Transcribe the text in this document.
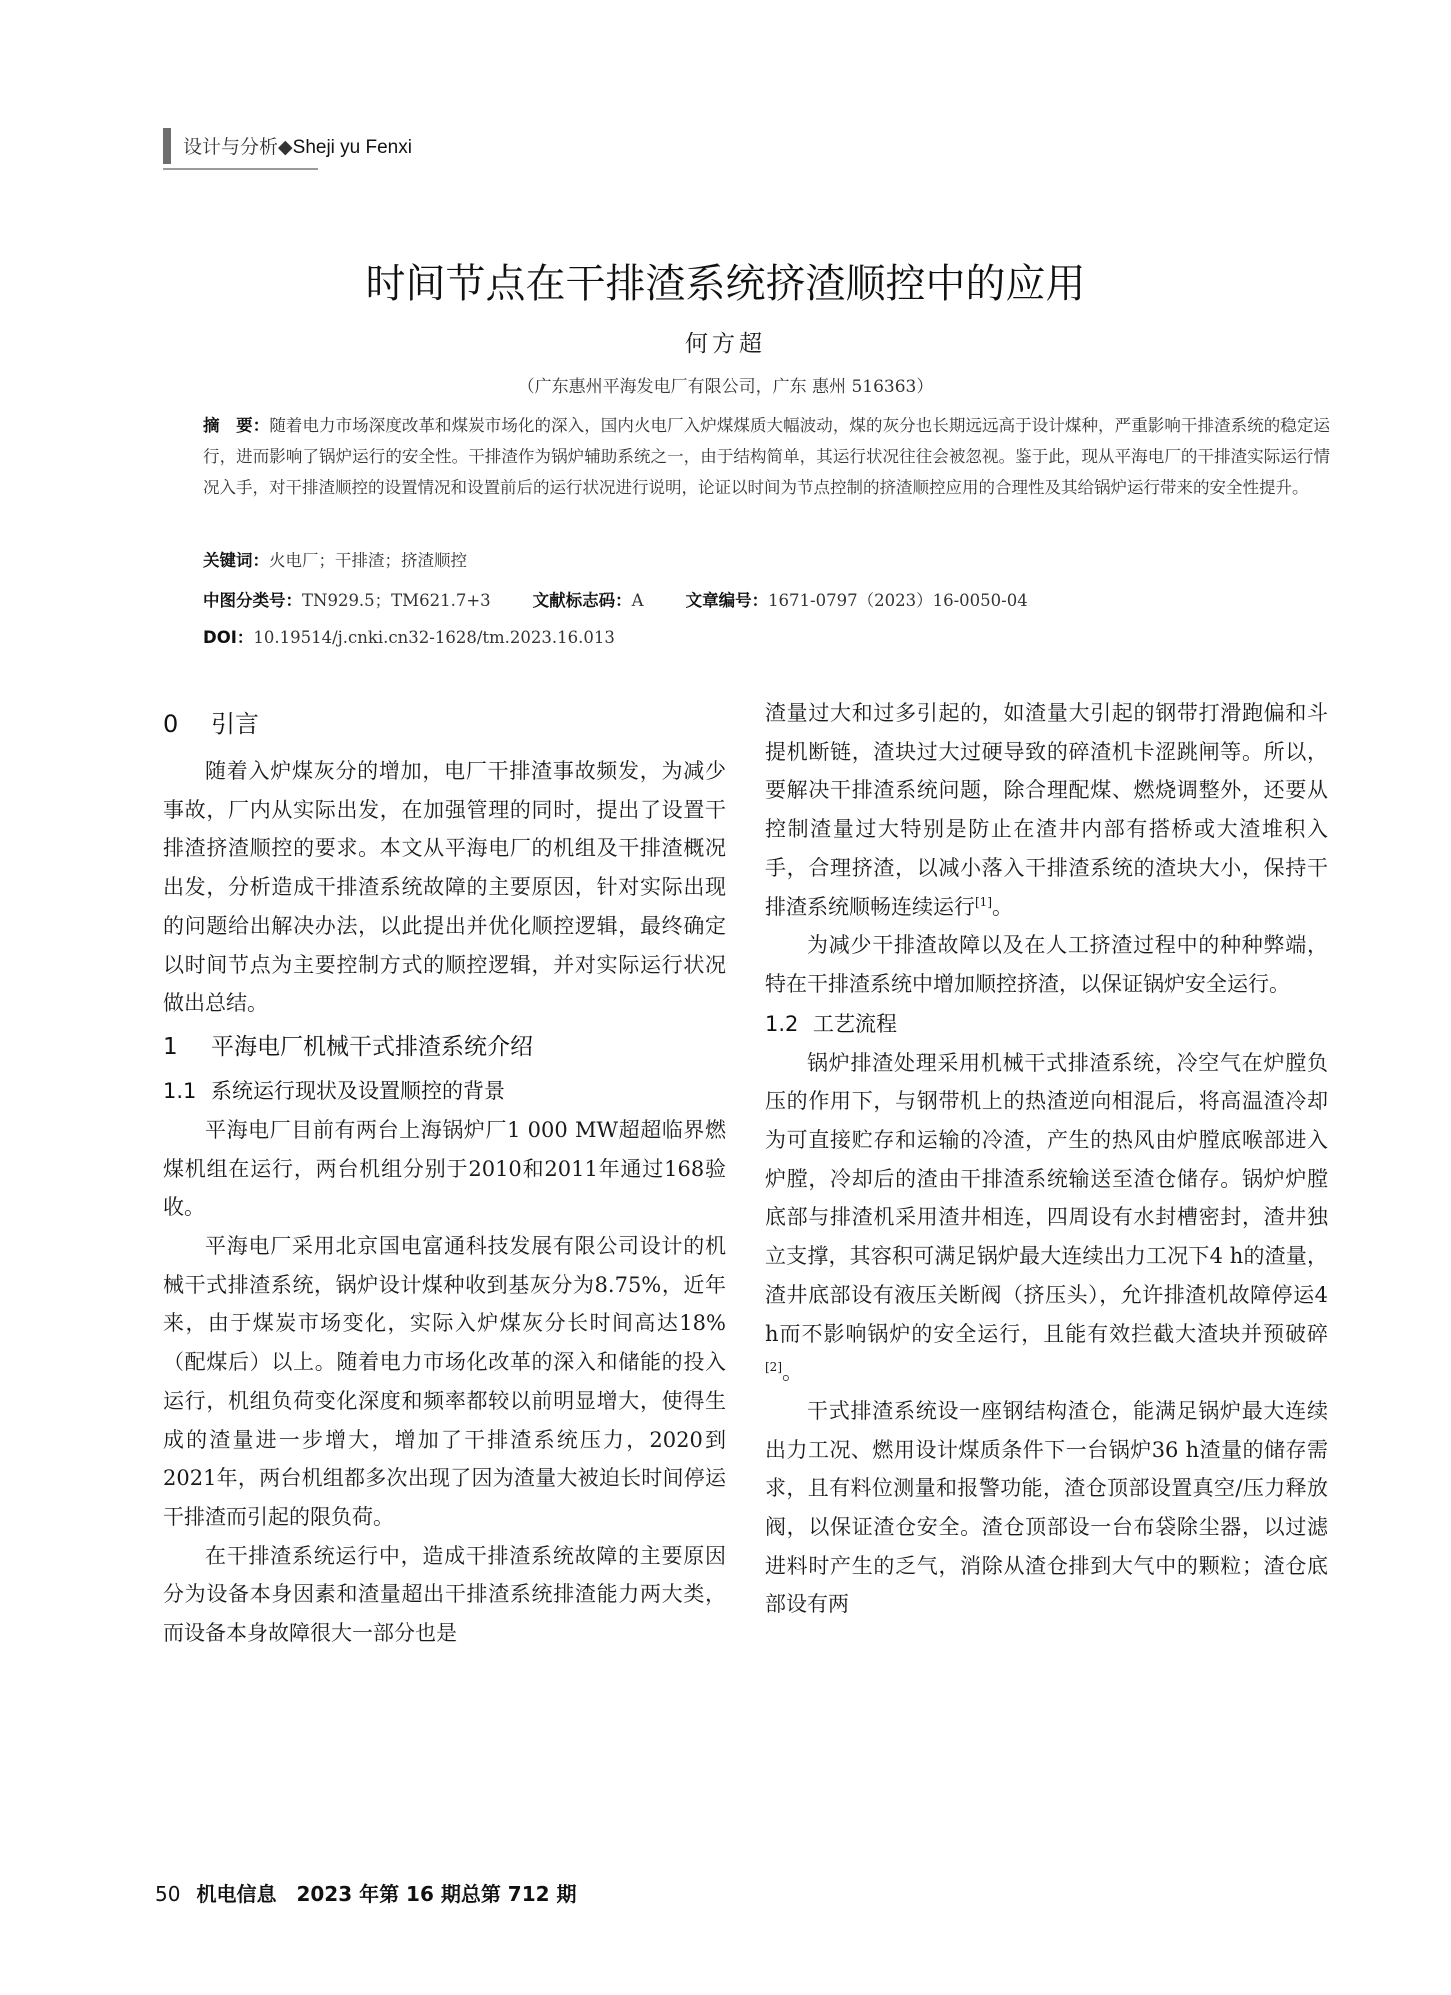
设计与分析◆Sheji yu Fenxi
时间节点在干排渣系统挤渣顺控中的应用
何方超
（广东惠州平海发电厂有限公司，广东 惠州 516363）
摘　要：随着电力市场深度改革和煤炭市场化的深入，国内火电厂入炉煤煤质大幅波动，煤的灰分也长期远远高于设计煤种，严重影响干排渣系统的稳定运行，进而影响了锅炉运行的安全性。干排渣作为锅炉辅助系统之一，由于结构简单，其运行状况往往会被忽视。鉴于此，现从平海电厂的干排渣实际运行情况入手，对干排渣顺控的设置情况和设置前后的运行状况进行说明，论证以时间为节点控制的挤渣顺控应用的合理性及其给锅炉运行带来的安全性提升。
关键词：火电厂；干排渣；挤渣顺控
中图分类号：TN929.5；TM621.7+3	文献标志码：A	文章编号：1671-0797（2023）16-0050-04
DOI：10.19514/j.cnki.cn32-1628/tm.2023.16.013
0 引言

随着入炉煤灰分的增加，电厂干排渣事故频发，为减少事故，厂内从实际出发，在加强管理的同时，提出了设置干排渣挤渣顺控的要求。本文从平海电厂的机组及干排渣概况出发，分析造成干排渣系统故障的主要原因，针对实际出现的问题给出解决办法，以此提出并优化顺控逻辑，最终确定以时间节点为主要控制方式的顺控逻辑，并对实际运行状况做出总结。

1 平海电厂机械干式排渣系统介绍
1.1 系统运行现状及设置顺控的背景

平海电厂目前有两台上海锅炉厂1 000 MW超超临界燃煤机组在运行，两台机组分别于2010和2011年通过168验收。

平海电厂采用北京国电富通科技发展有限公司设计的机械干式排渣系统，锅炉设计煤种收到基灰分为8.75%，近年来，由于煤炭市场变化，实际入炉煤灰分长时间高达18%（配煤后）以上。随着电力市场化改革的深入和储能的投入运行，机组负荷变化深度和频率都较以前明显增大，使得生成的渣量进一步增大，增加了干排渣系统压力，2020到2021年，两台机组都多次出现了因为渣量大被迫长时间停运干排渣而引起的限负荷。

在干排渣系统运行中，造成干排渣系统故障的主要原因分为设备本身因素和渣量超出干排渣系统排渣能力两大类，而设备本身故障很大一部分也是

渣量过大和过多引起的，如渣量大引起的钢带打滑跑偏和斗提机断链，渣块过大过硬导致的碎渣机卡涩跳闸等。所以，要解决干排渣系统问题，除合理配煤、燃烧调整外，还要从控制渣量过大特别是防止在渣井内部有搭桥或大渣堆积入手，合理挤渣，以减小落入干排渣系统的渣块大小，保持干排渣系统顺畅连续运行[1]。

为减少干排渣故障以及在人工挤渣过程中的种种弊端，特在干排渣系统中增加顺控挤渣，以保证锅炉安全运行。

1.2 工艺流程

锅炉排渣处理采用机械干式排渣系统，冷空气在炉膛负压的作用下，与钢带机上的热渣逆向相混后，将高温渣冷却为可直接贮存和运输的冷渣，产生的热风由炉膛底喉部进入炉膛，冷却后的渣由干排渣系统输送至渣仓储存。锅炉炉膛底部与排渣机采用渣井相连，四周设有水封槽密封，渣井独立支撑，其容积可满足锅炉最大连续出力工况下4 h的渣量，渣井底部设有液压关断阀（挤压头），允许排渣机故障停运4 h而不影响锅炉的安全运行，且能有效拦截大渣块并预破碎[2]。

干式排渣系统设一座钢结构渣仓，能满足锅炉最大连续出力工况、燃用设计煤质条件下一台锅炉36 h渣量的储存需求，且有料位测量和报警功能，渣仓顶部设置真空/压力释放阀，以保证渣仓安全。渣仓顶部设一台布袋除尘器，以过滤进料时产生的乏气，消除从渣仓排到大气中的颗粒；渣仓底部设有两

50 机电信息　2023 年第 16 期总第 712 期
